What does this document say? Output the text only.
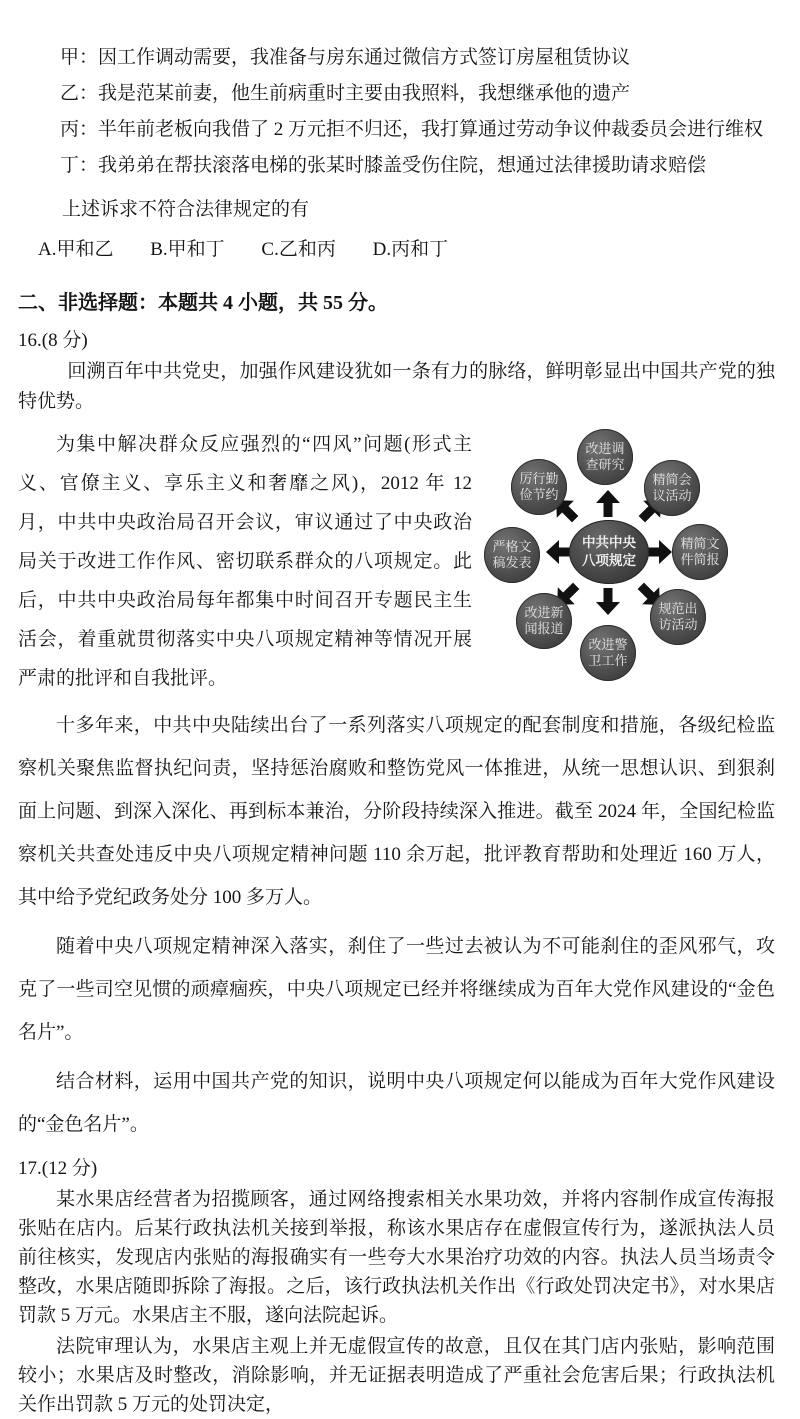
甲：因工作调动需要，我准备与房东通过微信方式签订房屋租赁协议
乙：我是范某前妻，他生前病重时主要由我照料，我想继承他的遗产
丙：半年前老板向我借了 2 万元拒不归还，我打算通过劳动争议仲裁委员会进行维权
丁：我弟弟在帮扶滚落电梯的张某时膝盖受伤住院，想通过法律援助请求赔偿
上述诉求不符合法律规定的有
A.甲和乙 B.甲和丁 C.乙和丙 D.丙和丁
二、非选择题：本题共 4 小题，共 55 分。
16.(8 分)
回溯百年中共党史，加强作风建设犹如一条有力的脉络，鲜明彰显出中国共产党的独特优势。
改进调查研究
精简会议活动
精简文件简报
规范出访活动
改进警卫工作
改进新闻报道
严格文稿发表
厉行勤俭节约
中共中央八项规定
为集中解决群众反应强烈的“四风”问题(形式主义、官僚主义、享乐主义和奢靡之风)，2012 年 12 月，中共中央政治局召开会议，审议通过了中央政治局关于改进工作作风、密切联系群众的八项规定。此后，中共中央政治局每年都集中时间召开专题民主生活会，着重就贯彻落实中央八项规定精神等情况开展严肃的批评和自我批评。
十多年来，中共中央陆续出台了一系列落实八项规定的配套制度和措施，各级纪检监察机关聚焦监督执纪问责，坚持惩治腐败和整饬党风一体推进，从统一思想认识、到狠刹面上问题、到深入深化、再到标本兼治，分阶段持续深入推进。截至 2024 年，全国纪检监察机关共查处违反中央八项规定精神问题 110 余万起，批评教育帮助和处理近 160 万人，其中给予党纪政务处分 100 多万人。
随着中央八项规定精神深入落实，刹住了一些过去被认为不可能刹住的歪风邪气，攻克了一些司空见惯的顽瘴痼疾，中央八项规定已经并将继续成为百年大党作风建设的“金色名片”。
结合材料，运用中国共产党的知识，说明中央八项规定何以能成为百年大党作风建设的“金色名片”。
17.(12 分)
某水果店经营者为招揽顾客，通过网络搜索相关水果功效，并将内容制作成宣传海报张贴在店内。后某行政执法机关接到举报，称该水果店存在虚假宣传行为，遂派执法人员前往核实，发现店内张贴的海报确实有一些夸大水果治疗功效的内容。执法人员当场责令整改，水果店随即拆除了海报。之后，该行政执法机关作出《行政处罚决定书》，对水果店罚款 5 万元。水果店主不服，遂向法院起诉。
法院审理认为，水果店主观上并无虚假宣传的故意，且仅在其门店内张贴，影响范围较小；水果店及时整改，消除影响，并无证据表明造成了严重社会危害后果；行政执法机关作出罚款 5 万元的处罚决定，
